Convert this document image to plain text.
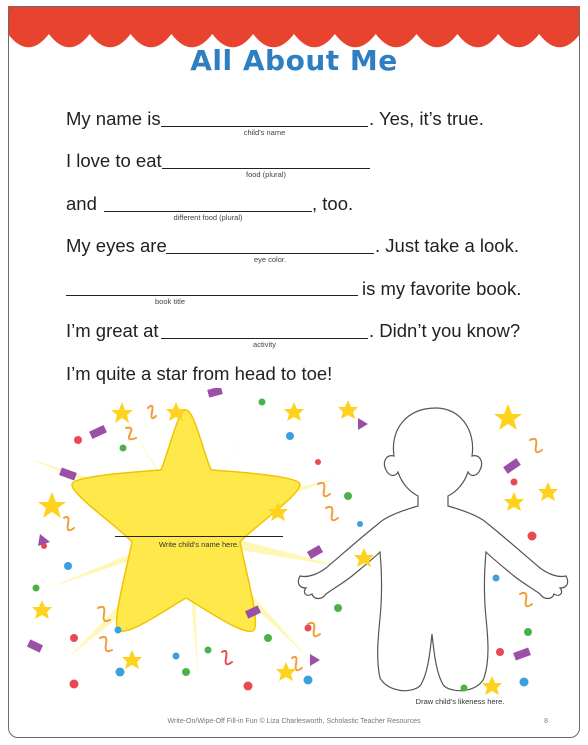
All About Me
My name is
child’s name
. Yes, it’s true.
I love to eat
food (plural)
and
different food (plural)
, too.
My eyes are
eye color.
. Just take a look.
book title
is my favorite book.
I’m great at
activity
. Didn’t you know?
I’m quite a star from head to toe!
Write child’s name here.
Draw child’s likeness here.
Write-On/Wipe-Off Fill-in Fun © Liza Charlesworth, Scholastic Teacher Resources	8
